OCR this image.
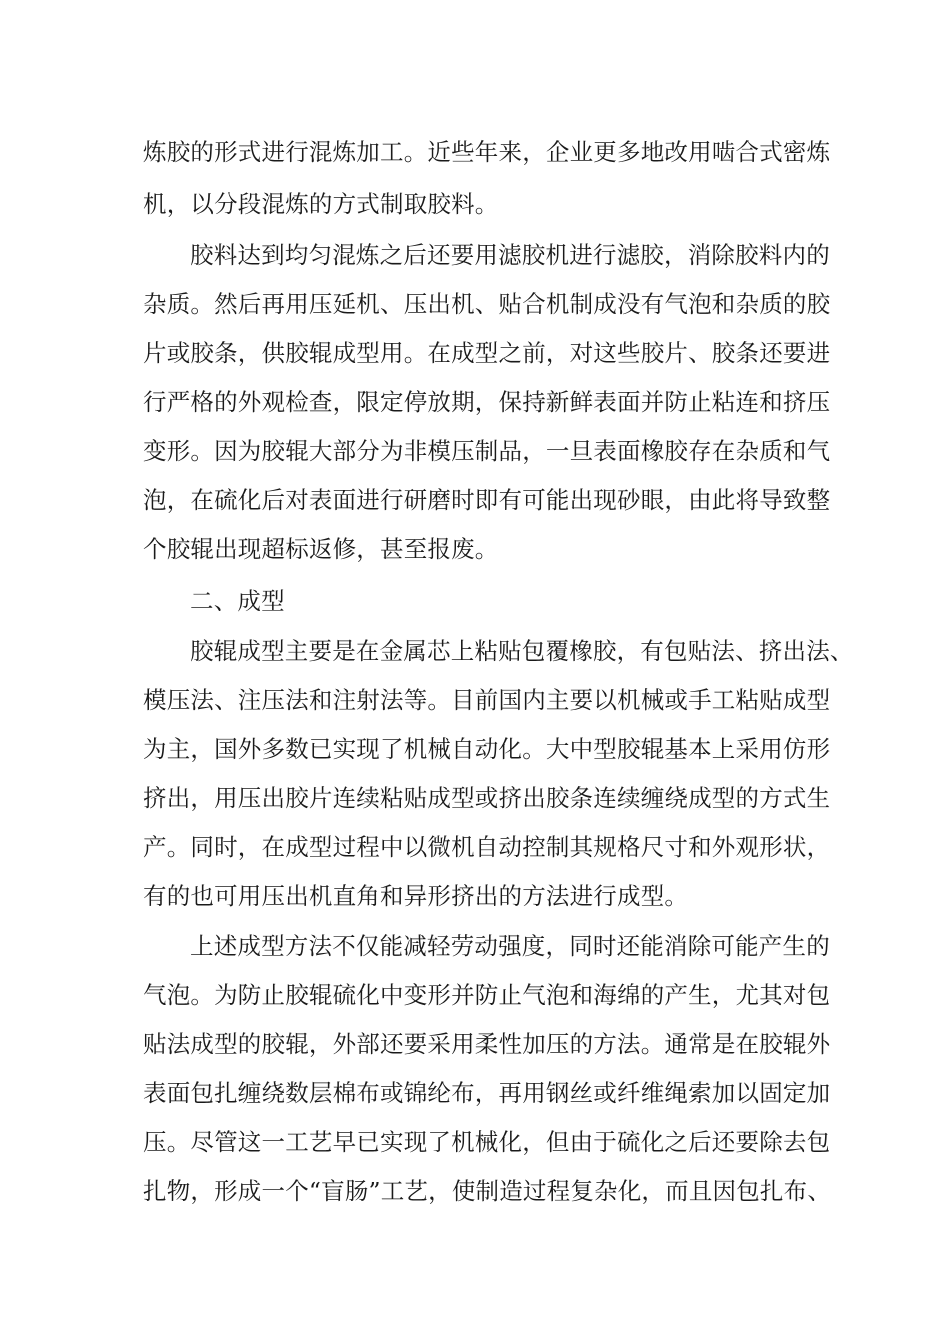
炼胶的形式进行混炼加工。近些年来，企业更多地改用啮合式密炼
机，以分段混炼的方式制取胶料。
胶料达到均匀混炼之后还要用滤胶机进行滤胶，消除胶料内的
杂质。然后再用压延机、压出机、贴合机制成没有气泡和杂质的胶
片或胶条，供胶辊成型用。在成型之前，对这些胶片、胶条还要进
行严格的外观检查，限定停放期，保持新鲜表面并防止粘连和挤压
变形。因为胶辊大部分为非模压制品，一旦表面橡胶存在杂质和气
泡，在硫化后对表面进行研磨时即有可能出现砂眼，由此将导致整
个胶辊出现超标返修，甚至报废。
二、成型
胶辊成型主要是在金属芯上粘贴包覆橡胶，有包贴法、挤出法、
模压法、注压法和注射法等。目前国内主要以机械或手工粘贴成型
为主，国外多数已实现了机械自动化。大中型胶辊基本上采用仿形
挤出，用压出胶片连续粘贴成型或挤出胶条连续缠绕成型的方式生
产。同时，在成型过程中以微机自动控制其规格尺寸和外观形状，
有的也可用压出机直角和异形挤出的方法进行成型。
上述成型方法不仅能减轻劳动强度，同时还能消除可能产生的
气泡。为防止胶辊硫化中变形并防止气泡和海绵的产生，尤其对包
贴法成型的胶辊，外部还要采用柔性加压的方法。通常是在胶辊外
表面包扎缠绕数层棉布或锦纶布，再用钢丝或纤维绳索加以固定加
压。尽管这一工艺早已实现了机械化，但由于硫化之后还要除去包
扎物，形成一个“盲肠”工艺，使制造过程复杂化，而且因包扎布、
